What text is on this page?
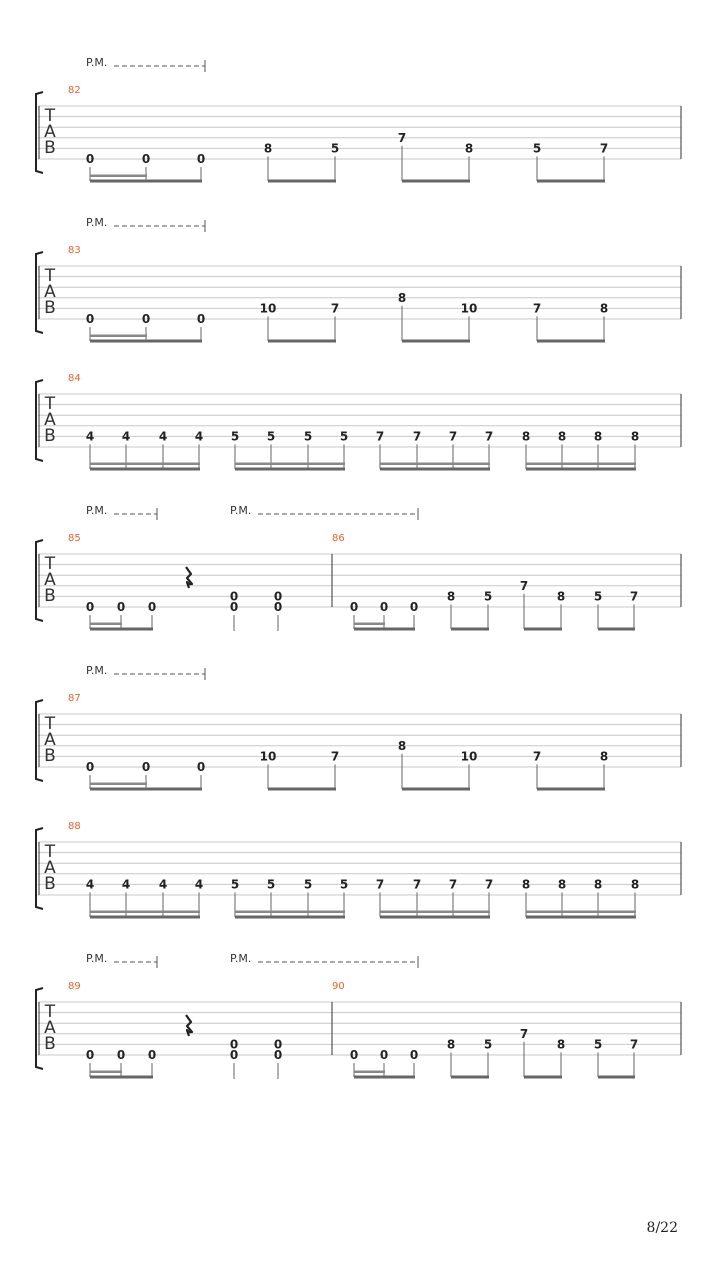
P.M.
82
T
A
B
0	0	0
8	5
7
8	5	7
P.M.
83
T
A
B
0	0	0
10	7
8
10	7	8
84
T
A
B 4 4 4 4 5 5 5 5 7 7 7 7 8 8 8 8
P.M.	P.M.
85	86
T
A
B
0 0 0
0
0
0
0	0 0 0
8 5
7
8 5 7
P.M.
87
T
A
B
0	0	0
10	7
8
10	7	8
88
T
A
B 4 4 4 4 5 5 5 5 7 7 7 7 8 8 8 8
P.M.	P.M.
89	90
T
A
B
0 0 0
0
0
0
0	0 0 0
8 5
7
8 5 7
8/22
